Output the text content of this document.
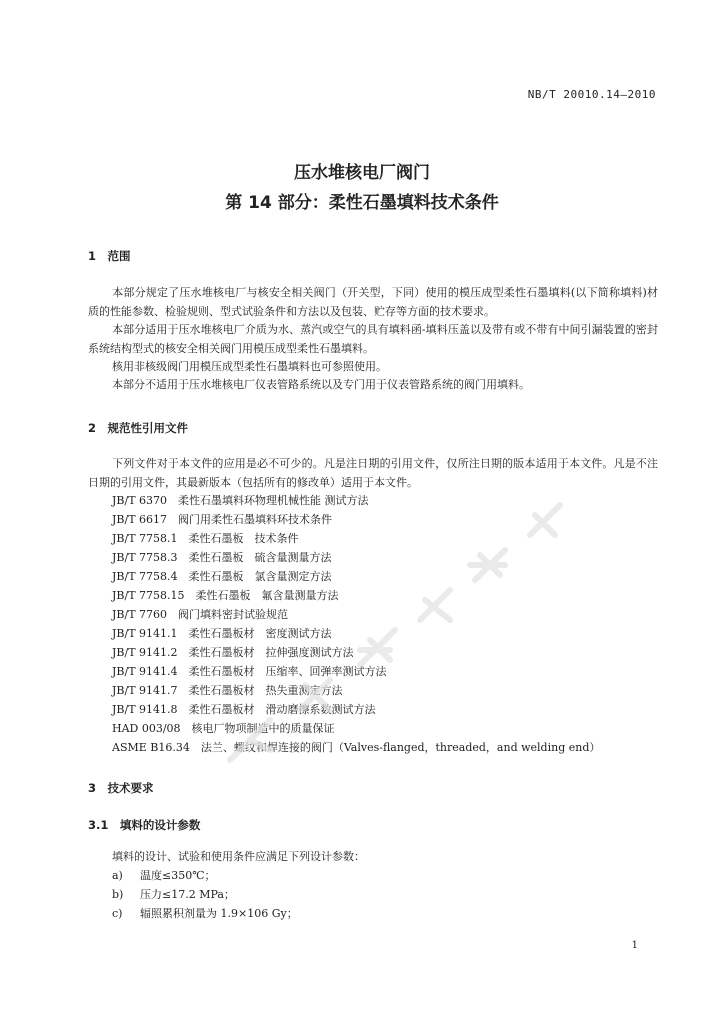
NB/T 20010.14—2010
压水堆核电厂阀门
第 14 部分：柔性石墨填料技术条件
1　范围
本部分规定了压水堆核电厂与核安全相关阀门（开关型，下同）使用的模压成型柔性石墨填料(以下简称填料)材质的性能参数、检验规则、型式试验条件和方法以及包装、贮存等方面的技术要求。
本部分适用于压水堆核电厂介质为水、蒸汽或空气的具有填料函-填料压盖以及带有或不带有中间引漏装置的密封系统结构型式的核安全相关阀门用模压成型柔性石墨填料。
核用非核级阀门用模压成型柔性石墨填料也可参照使用。
本部分不适用于压水堆核电厂仪表管路系统以及专门用于仪表管路系统的阀门用填料。
2　规范性引用文件
下列文件对于本文件的应用是必不可少的。凡是注日期的引用文件，仅所注日期的版本适用于本文件。凡是不注日期的引用文件，其最新版本（包括所有的修改单）适用于本文件。
JB/T 6370　柔性石墨填料环物理机械性能 测试方法
JB/T 6617　阀门用柔性石墨填料环技术条件
JB/T 7758.1　柔性石墨板　技术条件
JB/T 7758.3　柔性石墨板　硫含量测量方法
JB/T 7758.4　柔性石墨板　氯含量测定方法
JB/T 7758.15　柔性石墨板　氟含量测量方法
JB/T 7760　阀门填料密封试验规范
JB/T 9141.1　柔性石墨板材　密度测试方法
JB/T 9141.2　柔性石墨板材　拉伸强度测试方法
JB/T 9141.4　柔性石墨板材　压缩率、回弹率测试方法
JB/T 9141.7　柔性石墨板材　热失重测定方法
JB/T 9141.8　柔性石墨板材　滑动磨擦系数测试方法
HAD 003/08　核电厂物项制造中的质量保证
ASME B16.34　法兰、螺纹和焊连接的阀门（Valves-flanged，threaded，and welding end）
3　技术要求
3.1　填料的设计参数
填料的设计、试验和使用条件应满足下列设计参数：
a) 温度≤350℃；
b) 压力≤17.2 MPa；
c) 辐照累积剂量为 1.9×106 Gy；
1
